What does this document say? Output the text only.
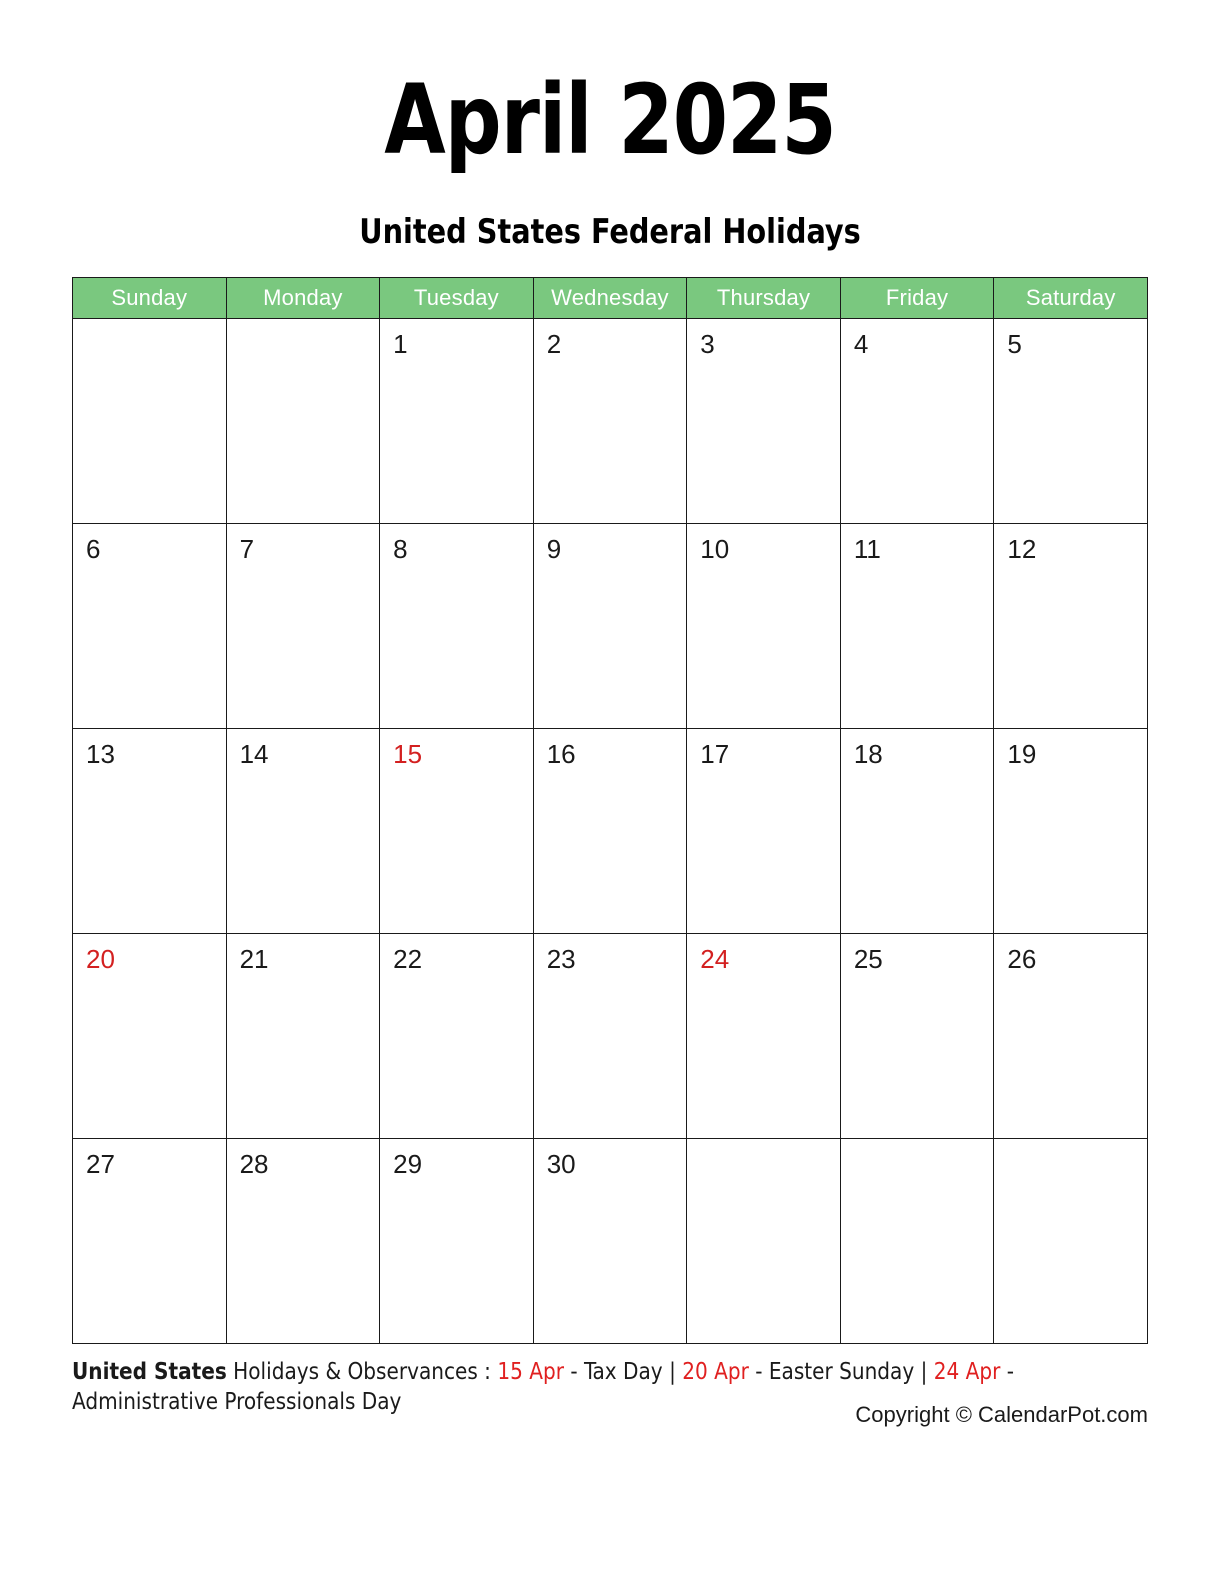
April 2025
United States Federal Holidays
Sunday	Monday	Tuesday	Wednesday	Thursday	Friday	Saturday

		1	2	3	4	5

6	7	8	9	10	11	12

13	14	15	16	17	18	19

20	21	22	23	24	25	26

27	28	29	30			

United States Holidays & Observances : 15 Apr - Tax Day | 20 Apr - Easter Sunday | 24 Apr - Administrative Professionals Day	Copyright © CalendarPot.com
